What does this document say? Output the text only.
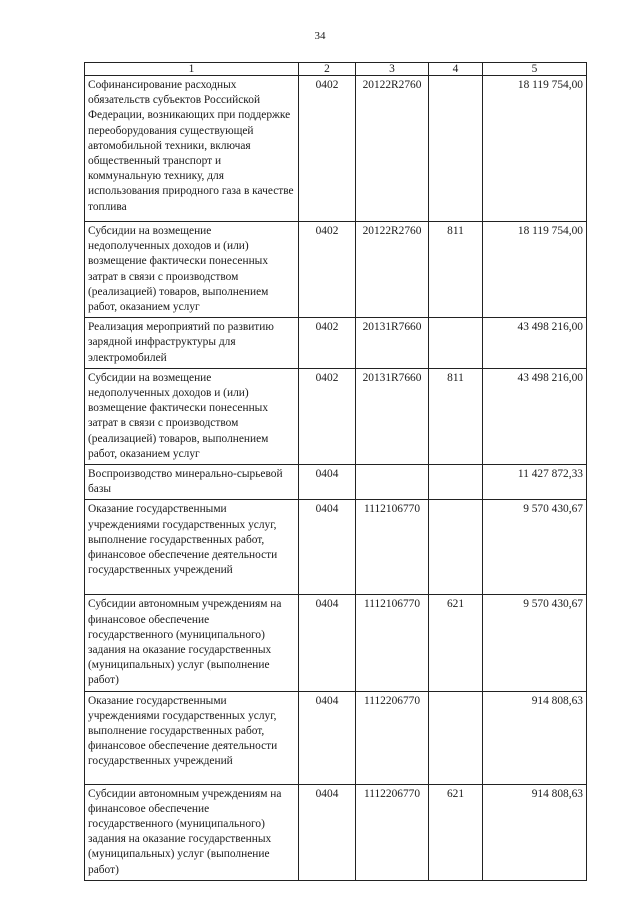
34
1	2	3	4	5
Софинансирование расходных обязательств субъектов Российской Федерации, возникающих при поддержке переоборудования существующей автомобильной техники, включая общественный транспорт и коммунальную технику, для использования природного газа в качестве топлива	0402	20122R2760		18 119 754,00
Субсидии на возмещение недополученных доходов и (или) возмещение фактически понесенных затрат в связи с производством (реализацией) товаров, выполнением работ, оказанием услуг	0402	20122R2760	811	18 119 754,00
Реализация мероприятий по развитию зарядной инфраструктуры для электромобилей	0402	20131R7660		43 498 216,00
Субсидии на возмещение недополученных доходов и (или) возмещение фактически понесенных затрат в связи с производством (реализацией) товаров, выполнением работ, оказанием услуг	0402	20131R7660	811	43 498 216,00
Воспроизводство минерально-сырьевой базы	0404			11 427 872,33
Оказание государственными учреждениями государственных услуг, выполнение государственных работ, финансовое обеспечение деятельности государственных учреждений	0404	1112106770		9 570 430,67
Субсидии автономным учреждениям на финансовое обеспечение государственного (муниципального) задания на оказание государственных (муниципальных) услуг (выполнение работ)	0404	1112106770	621	9 570 430,67
Оказание государственными учреждениями государственных услуг, выполнение государственных работ, финансовое обеспечение деятельности государственных учреждений	0404	1112206770		914 808,63
Субсидии автономным учреждениям на финансовое обеспечение государственного (муниципального) задания на оказание государственных (муниципальных) услуг (выполнение работ)	0404	1112206770	621	914 808,63
